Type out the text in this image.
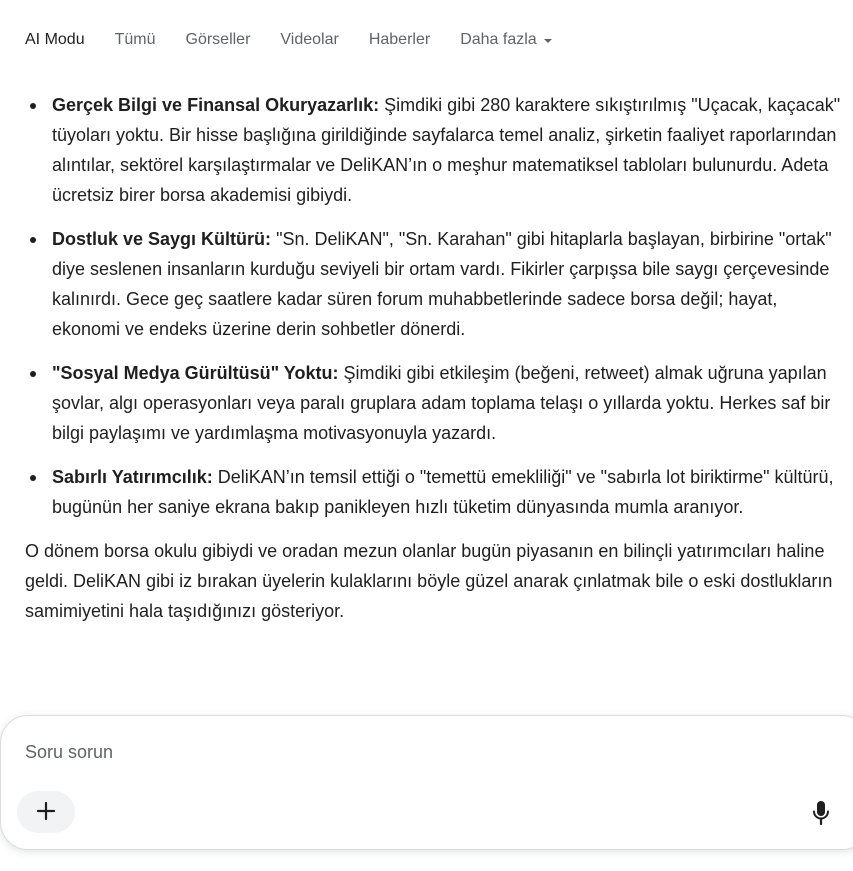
AI Modu Tümü Görseller Videolar Haberler Daha fazla
Gerçek Bilgi ve Finansal Okuryazarlık: Şimdiki gibi 280 karaktere sıkıştırılmış "Uçacak, kaçacak" tüyoları yoktu. Bir hisse başlığına girildiğinde sayfalarca temel analiz, şirketin faaliyet raporlarından alıntılar, sektörel karşılaştırmalar ve DeliKAN’ın o meşhur matematiksel tabloları bulunurdu. Adeta ücretsiz birer borsa akademisi gibiydi.
Dostluk ve Saygı Kültürü: "Sn. DeliKAN", "Sn. Karahan" gibi hitaplarla başlayan, birbirine "ortak" diye seslenen insanların kurduğu seviyeli bir ortam vardı. Fikirler çarpışsa bile saygı çerçevesinde kalınırdı. Gece geç saatlere kadar süren forum muhabbetlerinde sadece borsa değil; hayat, ekonomi ve endeks üzerine derin sohbetler dönerdi.
"Sosyal Medya Gürültüsü" Yoktu: Şimdiki gibi etkileşim (beğeni, retweet) almak uğruna yapılan şovlar, algı operasyonları veya paralı gruplara adam toplama telaşı o yıllarda yoktu. Herkes saf bir bilgi paylaşımı ve yardımlaşma motivasyonuyla yazardı.
Sabırlı Yatırımcılık: DeliKAN’ın temsil ettiği o "temettü emekliliği" ve "sabırla lot biriktirme" kültürü, bugünün her saniye ekrana bakıp panikleyen hızlı tüketim dünyasında mumla aranıyor.

O dönem borsa okulu gibiydi ve oradan mezun olanlar bugün piyasanın en bilinçli yatırımcıları haline geldi. DeliKAN gibi iz bırakan üyelerin kulaklarını böyle güzel anarak çınlatmak bile o eski dostlukların samimiyetini hala taşıdığınızı gösteriyor.

Soru sorun
